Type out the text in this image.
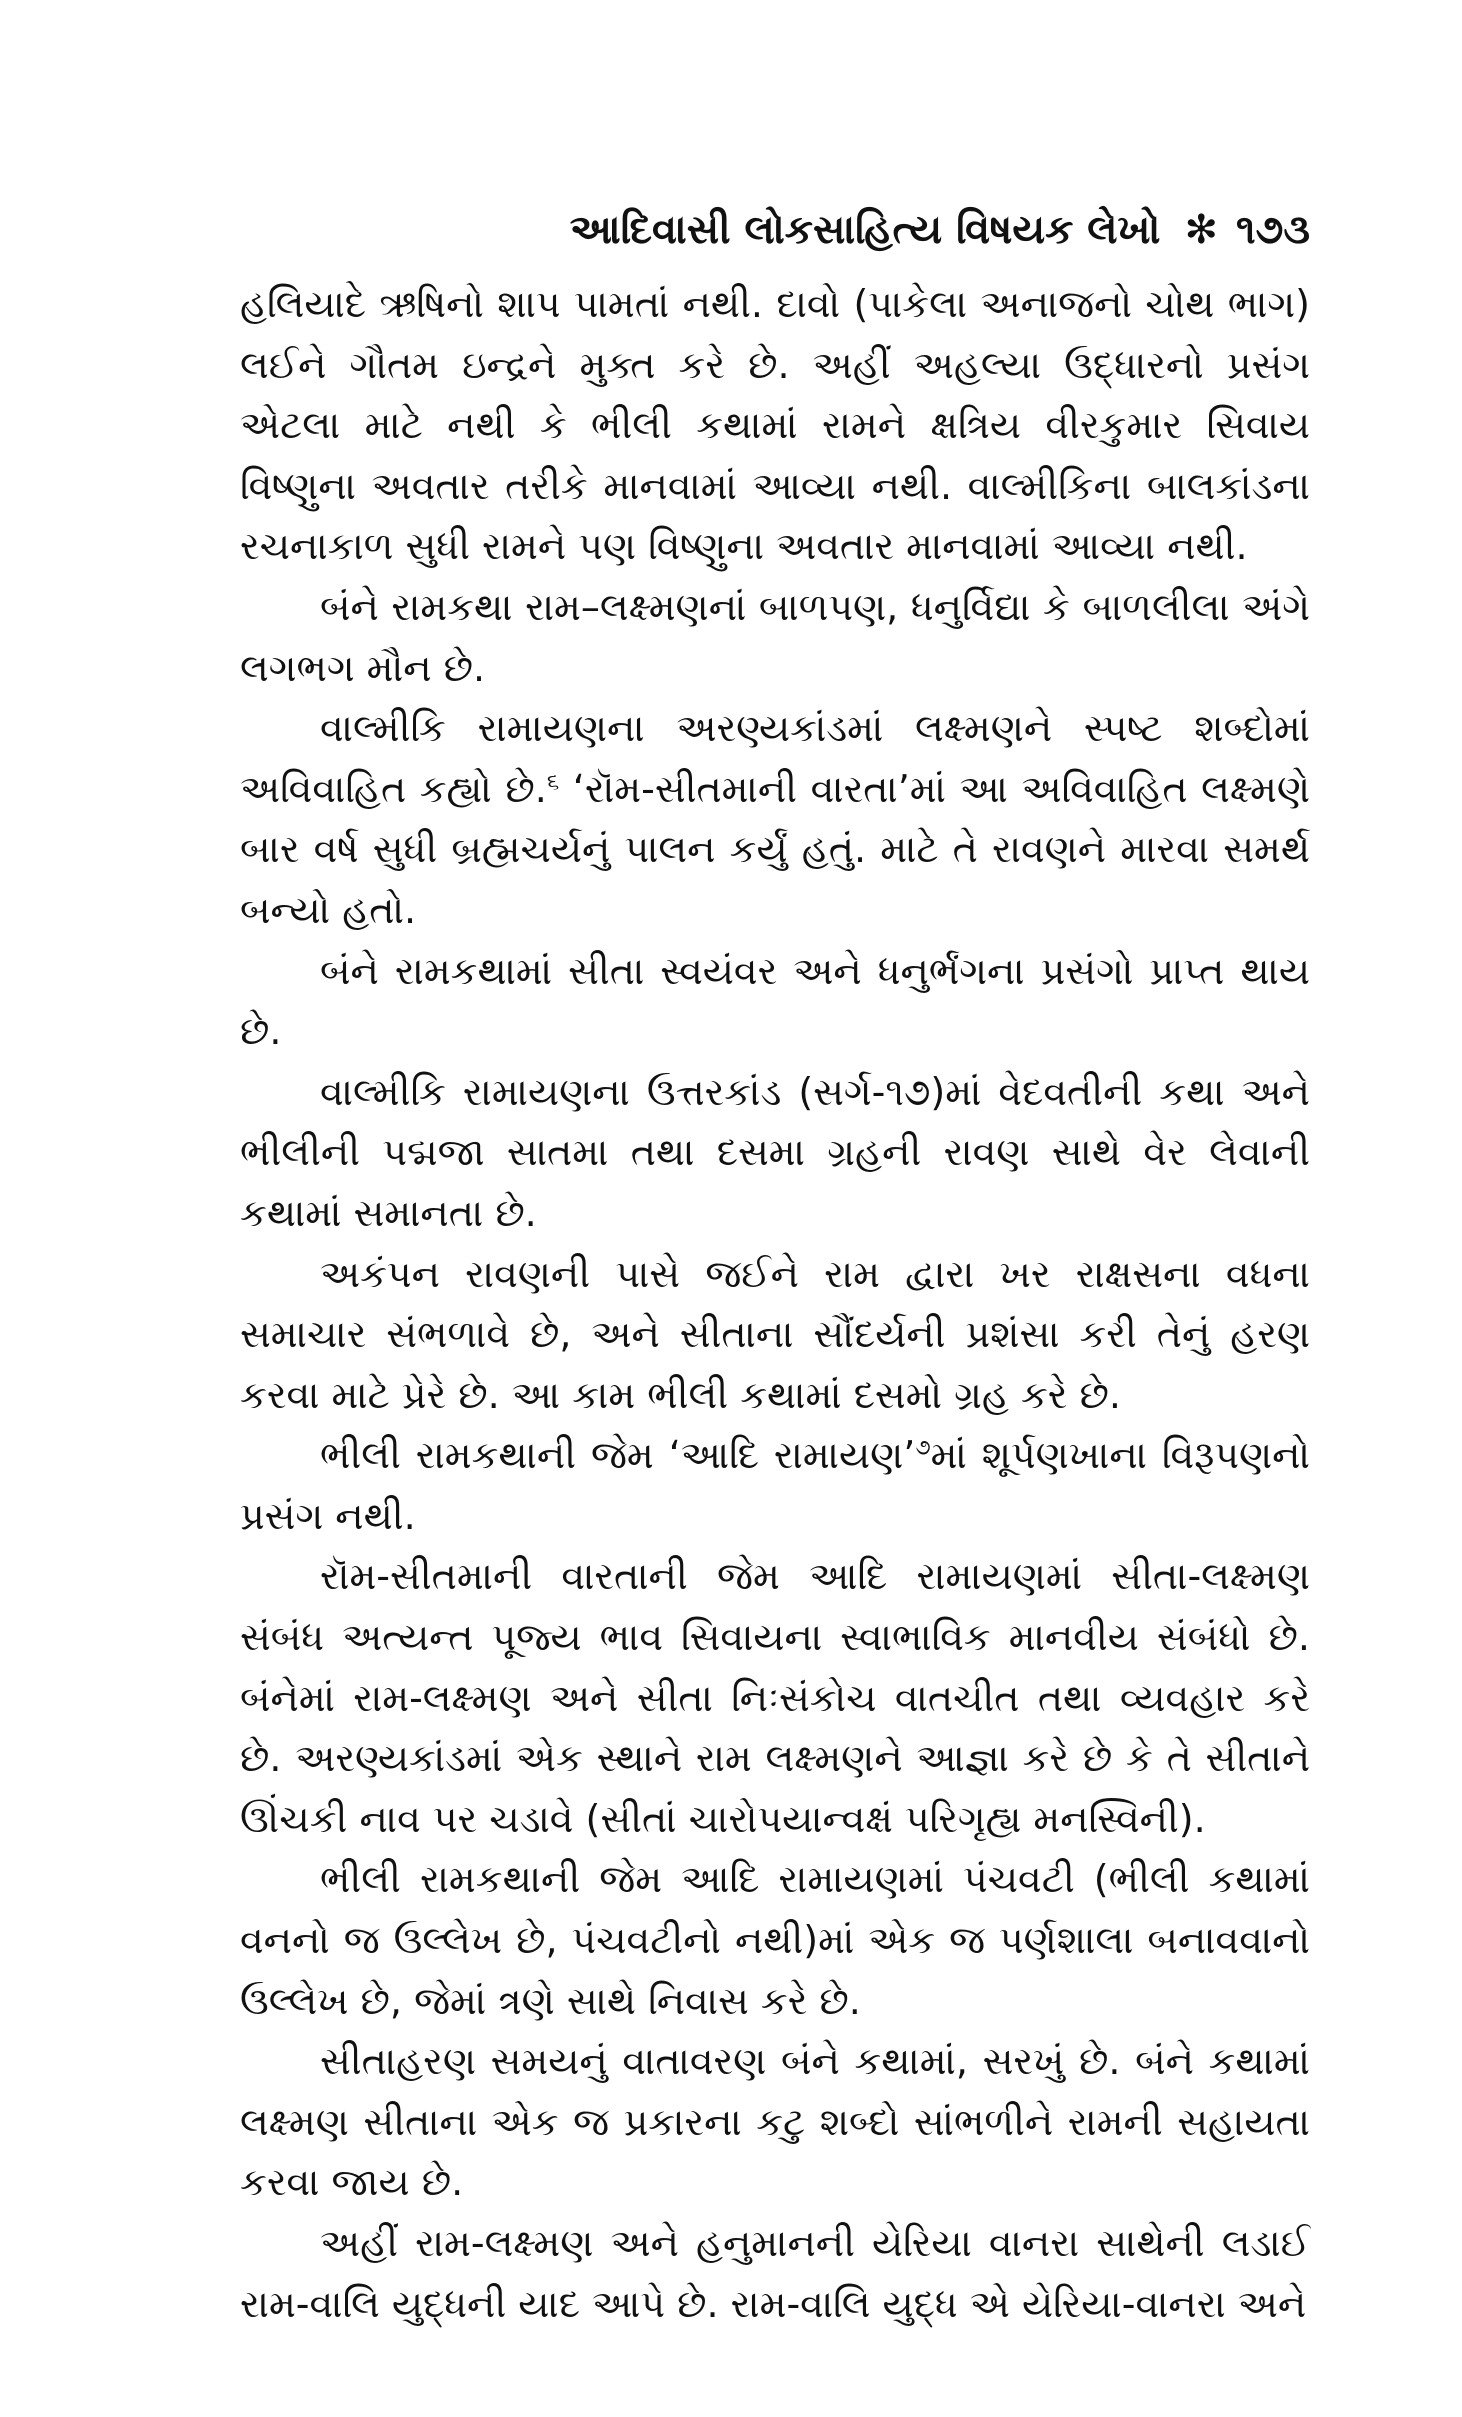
આદિવાસી લોકસાહિત્ય વિષયક લેખો ✻ ૧૭૩

હલિયાદે ઋષિનો શાપ પામતાં નથી. દાવો (પાકેલા અનાજનો ચોથ ભાગ) લઈને ગૌતમ ઇન્દ્રને મુક્ત કરે છે. અહીં અહલ્યા ઉદ્ધારનો પ્રસંગ એટલા માટે નથી કે ભીલી કથામાં રામને ક્ષત્રિય વીરકુમાર સિવાય વિષ્ણુના અવતાર તરીકે માનવામાં આવ્યા નથી. વાલ્મીકિના બાલકાંડના રચનાકાળ સુધી રામને પણ વિષ્ણુના અવતાર માનવામાં આવ્યા નથી.

બંને રામકથા રામ–લક્ષ્મણનાં બાળપણ, ધનુર્વિદ્યા કે બાળલીલા અંગે લગભગ મૌન છે.

વાલ્મીકિ રામાયણના અરણ્યકાંડમાં લક્ષ્મણને સ્પષ્ટ શબ્દોમાં અવિવાહિત કહ્યો છે.$^૬$ ‘રૉમ-સીતમાની વારતા’માં આ અવિવાહિત લક્ષ્મણે બાર વર્ષ સુધી બ્રહ્મચર્યનું પાલન કર્યું હતું. માટે તે રાવણને મારવા સમર્થ બન્યો હતો.

બંને રામકથામાં સીતા સ્વયંવર અને ધનુર્ભંગના પ્રસંગો પ્રાપ્ત થાય છે.

વાલ્મીકિ રામાયણના ઉત્તરકાંડ (સર્ગ-૧૭)માં વેદવતીની કથા અને ભીલીની પદ્મજા સાતમા તથા દસમા ગ્રહની રાવણ સાથે વેર લેવાની કથામાં સમાનતા છે.

અકંપન રાવણની પાસે જઈને રામ દ્વારા ખર રાક્ષસના વધના સમાચાર સંભળાવે છે, અને સીતાના સૌંદર્યની પ્રશંસા કરી તેનું હરણ કરવા માટે પ્રેરે છે. આ કામ ભીલી કથામાં દસમો ગ્રહ કરે છે.

ભીલી રામકથાની જેમ ‘આદિ રામાયણ’$^૭$માં શૂર્પણખાના વિરૂપણનો પ્રસંગ નથી.

રૉમ-સીતમાની વારતાની જેમ આદિ રામાયણમાં સીતા-લક્ષ્મણ સંબંધ અત્યન્ત પૂજ્ય ભાવ સિવાયના સ્વાભાવિક માનવીય સંબંધો છે. બંનેમાં રામ-લક્ષ્મણ અને સીતા નિઃસંકોચ વાતચીત તથા વ્યવહાર કરે છે. અરણ્યકાંડમાં એક સ્થાને રામ લક્ષ્મણને આજ્ઞા કરે છે કે તે સીતાને ઊંચકી નાવ પર ચડાવે (સીતાં ચારોપયાન્વક્ષં પરિગૃહ્ય મનસ્વિની).

ભીલી રામકથાની જેમ આદિ રામાયણમાં પંચવટી (ભીલી કથામાં વનનો જ ઉલ્લેખ છે, પંચવટીનો નથી)માં એક જ પર્ણશાલા બનાવવાનો ઉલ્લેખ છે, જેમાં ત્રણે સાથે નિવાસ કરે છે.

સીતાહરણ સમયનું વાતાવરણ બંને કથામાં, સરખું છે. બંને કથામાં લક્ષ્મણ સીતાના એક જ પ્રકારના કટુ શબ્દો સાંભળીને રામની સહાયતા કરવા જાય છે.

અહીં રામ-લક્ષ્મણ અને હનુમાનની યેરિયા વાનરા સાથેની લડાઈ રામ-વાલિ યુદ્ધની યાદ આપે છે. રામ-વાલિ યુદ્ધ એ યેરિયા-વાનરા અને
